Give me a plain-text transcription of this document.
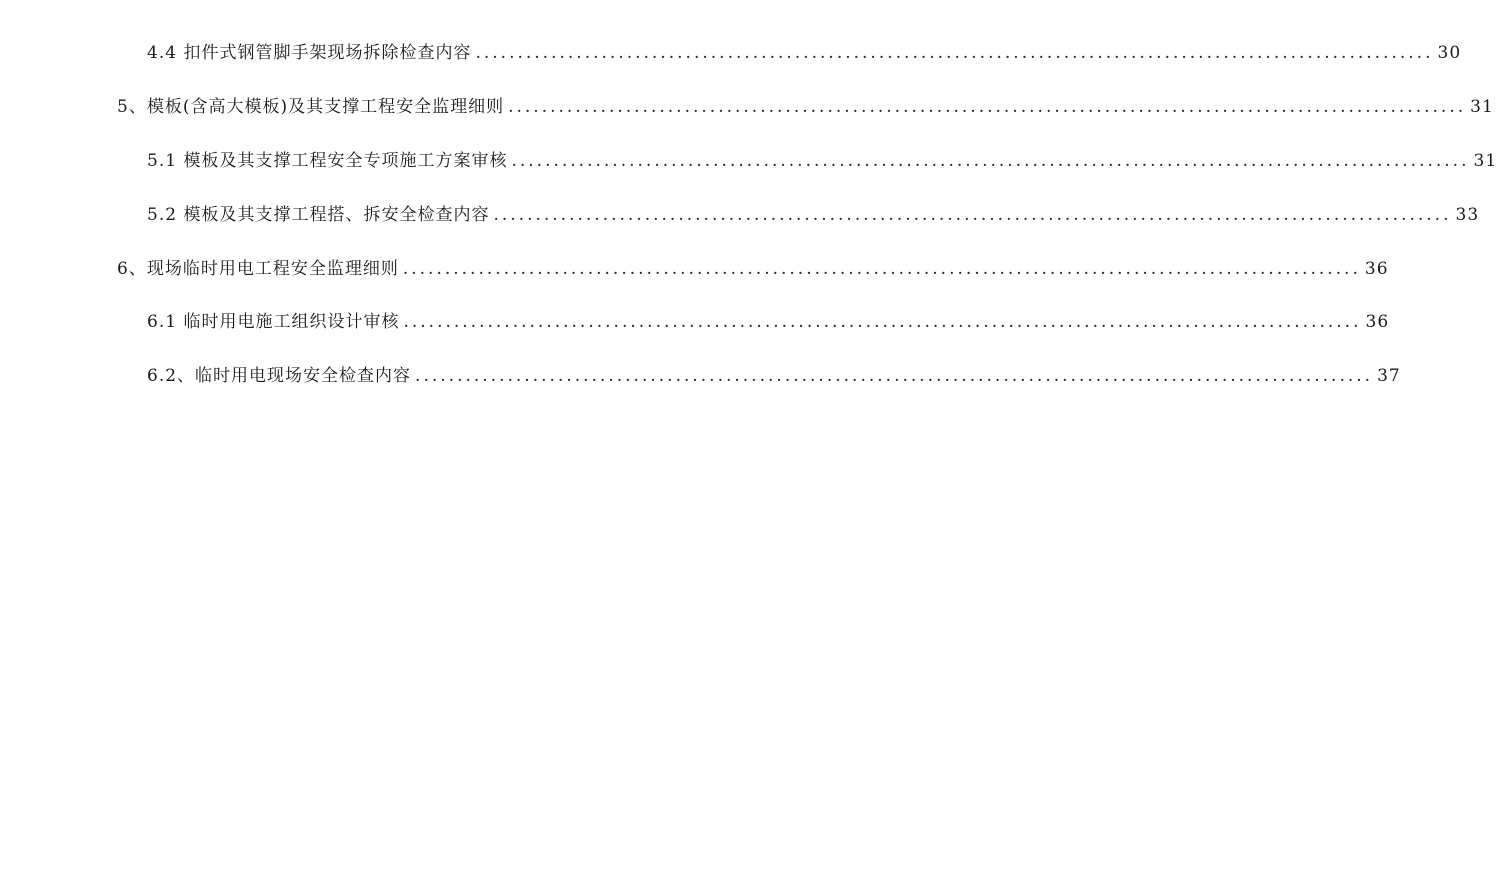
4.4 扣件式钢管脚手架现场拆除检查内容 .................................................................................................................. 30
5、模板(含高大模板)及其支撑工程安全监理细则 .................................................................................................................. 31
5.1 模板及其支撑工程安全专项施工方案审核 .................................................................................................................. 31
5.2 模板及其支撑工程搭、拆安全检查内容 .................................................................................................................. 33
6、现场临时用电工程安全监理细则 .................................................................................................................. 36
6.1 临时用电施工组织设计审核 .................................................................................................................. 36
6.2、临时用电现场安全检查内容 .................................................................................................................. 37
